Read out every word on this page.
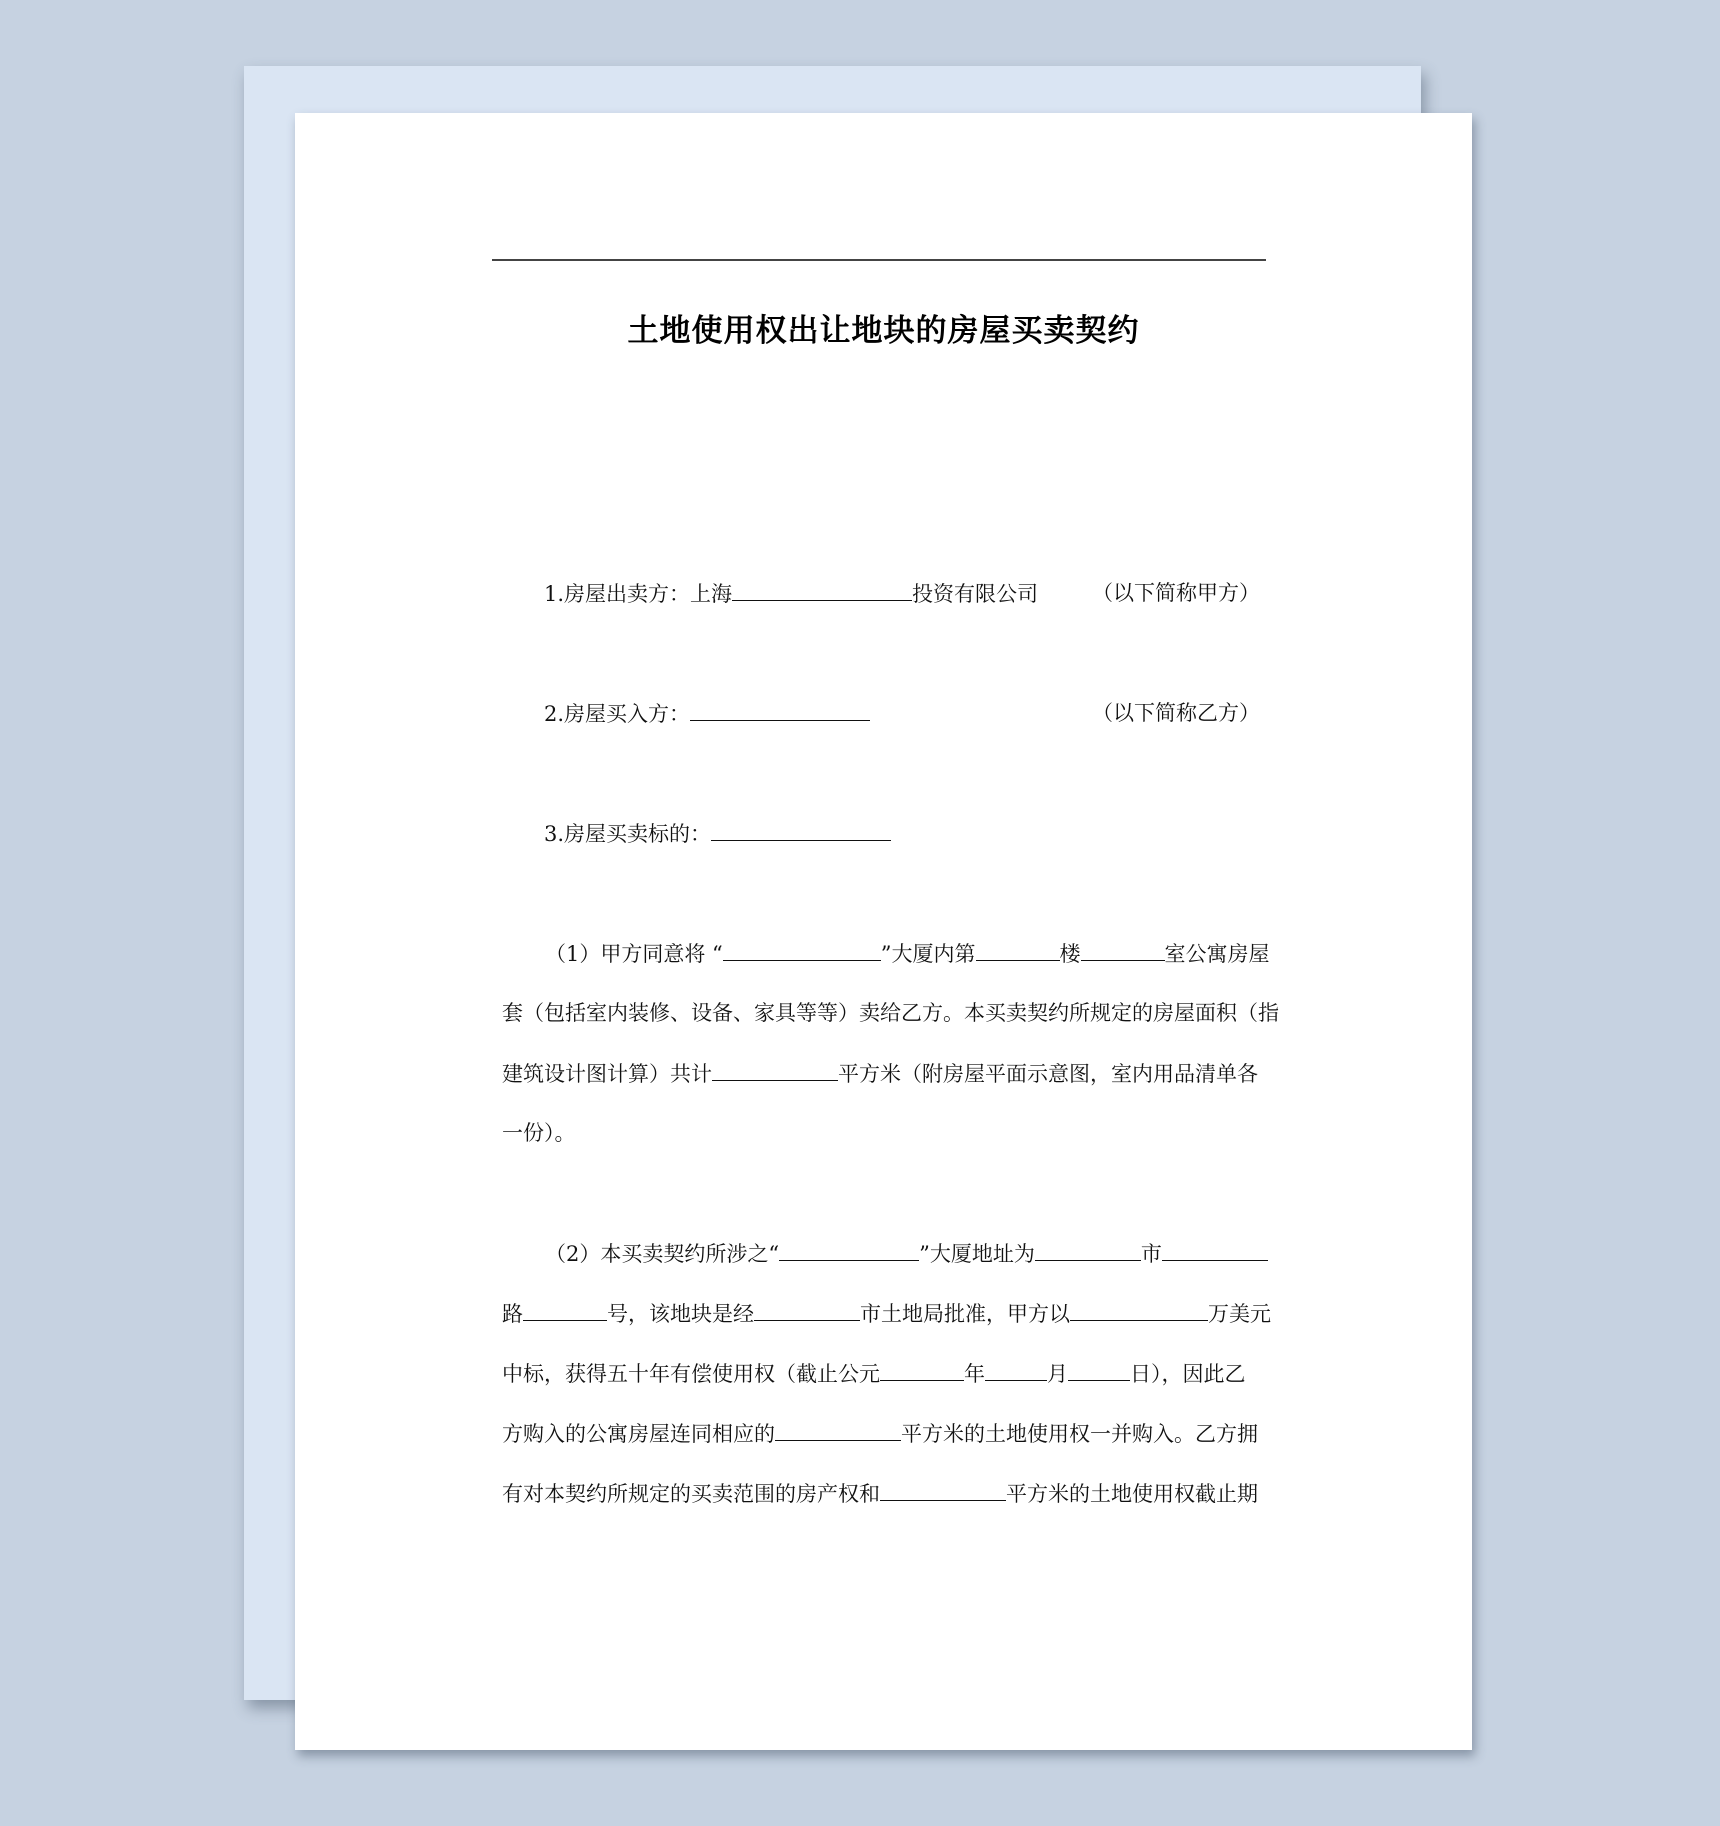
土地使用权出让地块的房屋买卖契约
1.房屋出卖方：上海	投资有限公司	（以下简称甲方）
2.房屋买入方：	（以下简称乙方）
3.房屋买卖标的：
（1）甲方同意将 “	”大厦内第	楼	室公寓房屋
套（包括室内装修、设备、家具等等）卖给乙方。本买卖契约所规定的房屋面积（指
建筑设计图计算）共计	平方米（附房屋平面示意图，室内用品清单各
一份）。
（2）本买卖契约所涉之“	”大厦地址为	市
路	号，该地块是经	市土地局批准，甲方以	万美元
中标，获得五十年有偿使用权（截止公元	年	月	日），因此乙
方购入的公寓房屋连同相应的	平方米的土地使用权一并购入。乙方拥
有对本契约所规定的买卖范围的房产权和	平方米的土地使用权截止期
